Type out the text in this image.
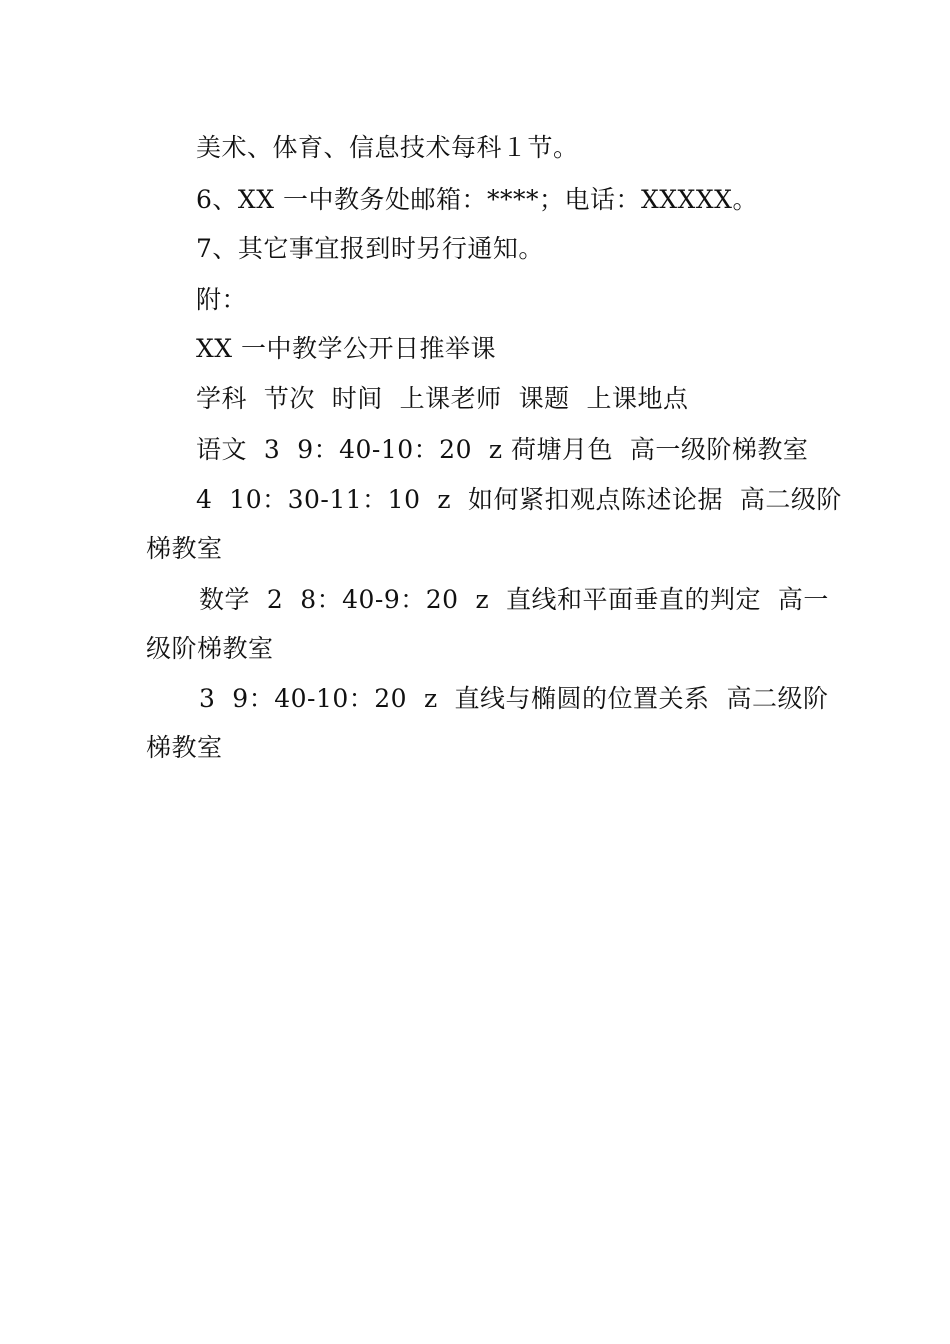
美术、体育、信息技术每科１节。
6、XX 一中教务处邮箱：****；电话：XXXXX。
7、其它事宜报到时另行通知。
附：
XX 一中教学公开日推举课
学科  节次  时间  上课老师  课题  上课地点
语文  3  9：40-10：20  z 荷塘月色  高一级阶梯教室
4  10：30-11：10  z  如何紧扣观点陈述论据  高二级阶
梯教室
数学  2  8：40-9：20  z  直线和平面垂直的判定  高一
级阶梯教室
3  9：40-10：20  z  直线与椭圆的位置关系  高二级阶
梯教室
